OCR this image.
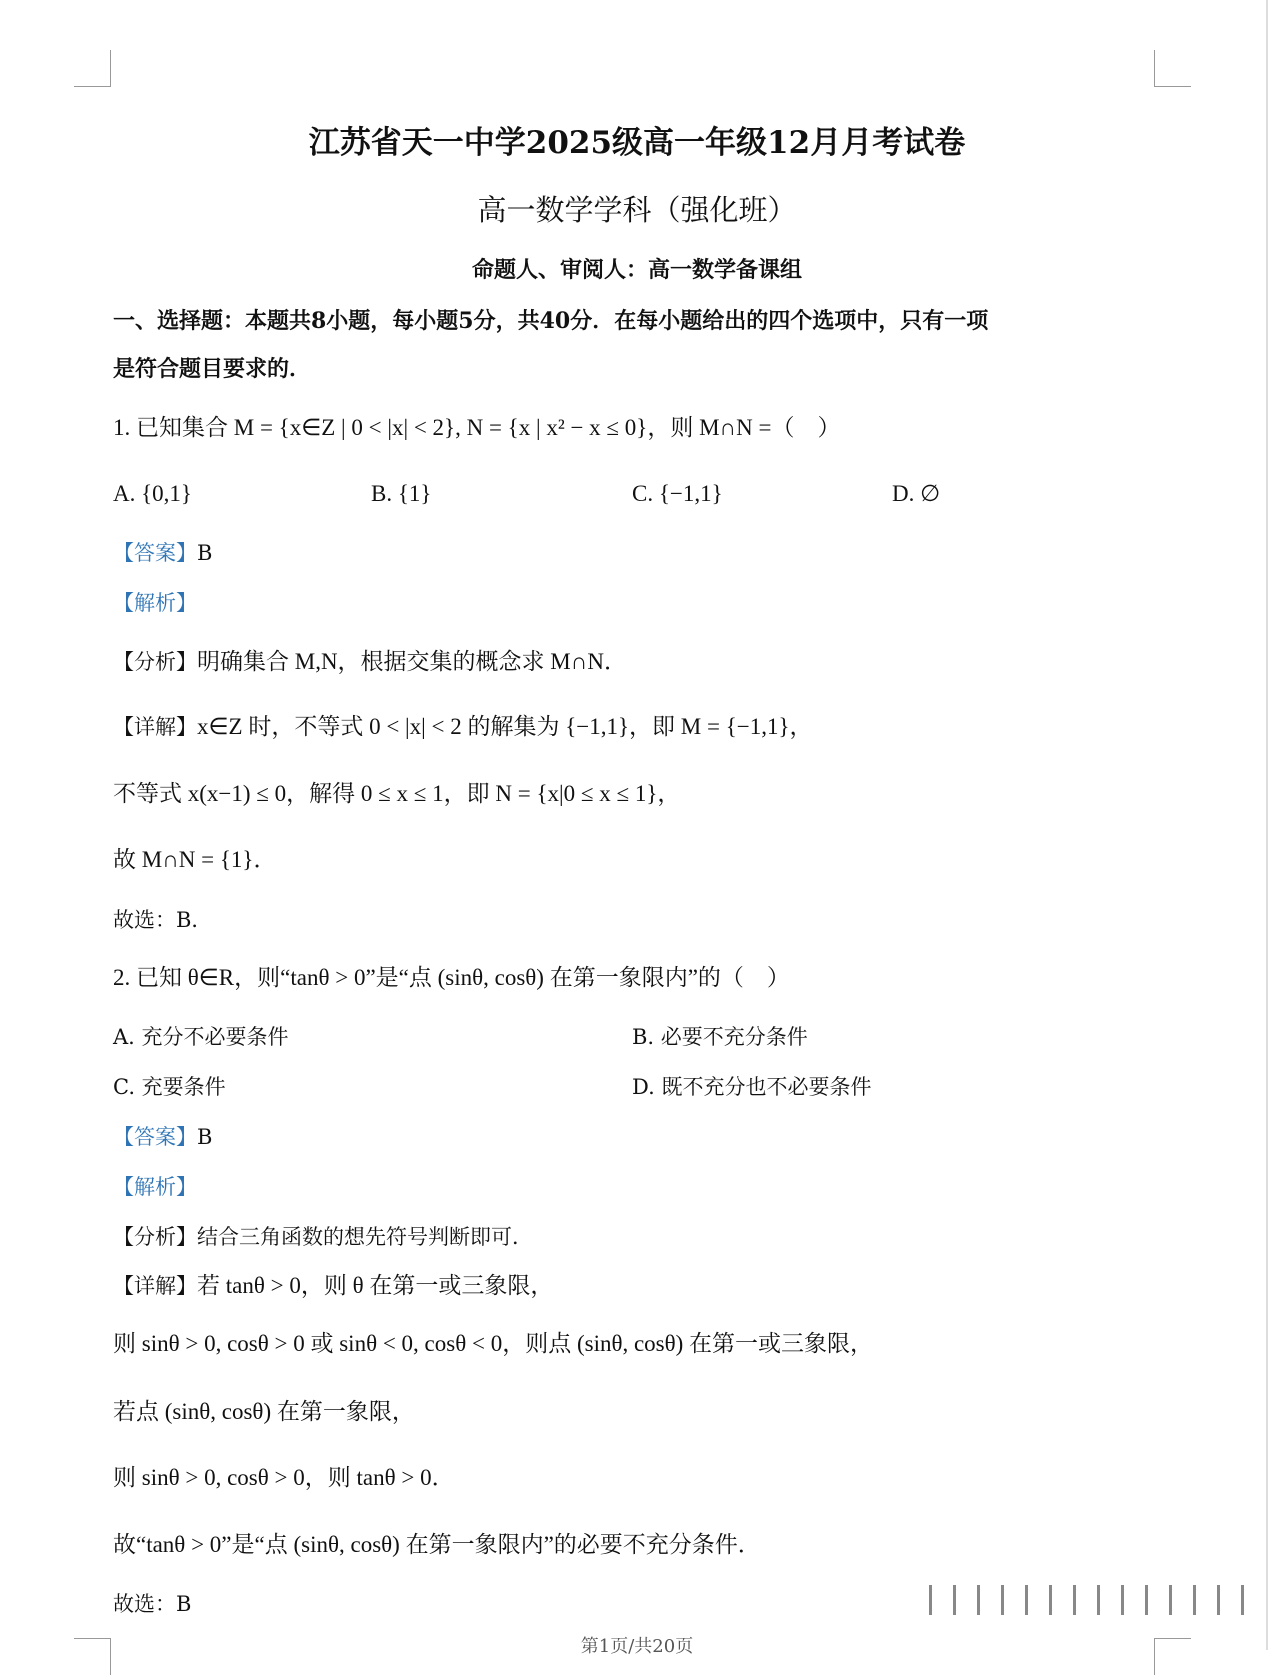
江苏省天一中学2025级高一年级12月月考试卷
高一数学学科（强化班）
命题人、审阅人：高一数学备课组
一、选择题：本题共8小题，每小题5分，共40分．在每小题给出的四个选项中，只有一项
是符合题目要求的．
1. 已知集合 M = {x∈Z | 0 < |x| < 2}, N = {x | x² − x ≤ 0}，则 M∩N =（　）
A. {0,1}	B. {1}	C. {−1,1}	D. ∅
【答案】B
【解析】
【分析】明确集合 M,N，根据交集的概念求 M∩N．
【详解】x∈Z 时，不等式 0 < |x| < 2 的解集为 {−1,1}，即 M = {−1,1}，
不等式 x(x−1) ≤ 0，解得 0 ≤ x ≤ 1，即 N = {x|0 ≤ x ≤ 1}，
故 M∩N = {1}．
故选：B．
2. 已知 θ∈R，则“tanθ > 0”是“点 (sinθ, cosθ) 在第一象限内”的（　）
A. 充分不必要条件	B. 必要不充分条件
C. 充要条件	D. 既不充分也不必要条件
【答案】B
【解析】
【分析】结合三角函数的想先符号判断即可．
【详解】若 tanθ > 0，则 θ 在第一或三象限，
则 sinθ > 0, cosθ > 0 或 sinθ < 0, cosθ < 0，则点 (sinθ, cosθ) 在第一或三象限，
若点 (sinθ, cosθ) 在第一象限，
则 sinθ > 0, cosθ > 0，则 tanθ > 0．
故“tanθ > 0”是“点 (sinθ, cosθ) 在第一象限内”的必要不充分条件．
故选：B
第1页/共20页
